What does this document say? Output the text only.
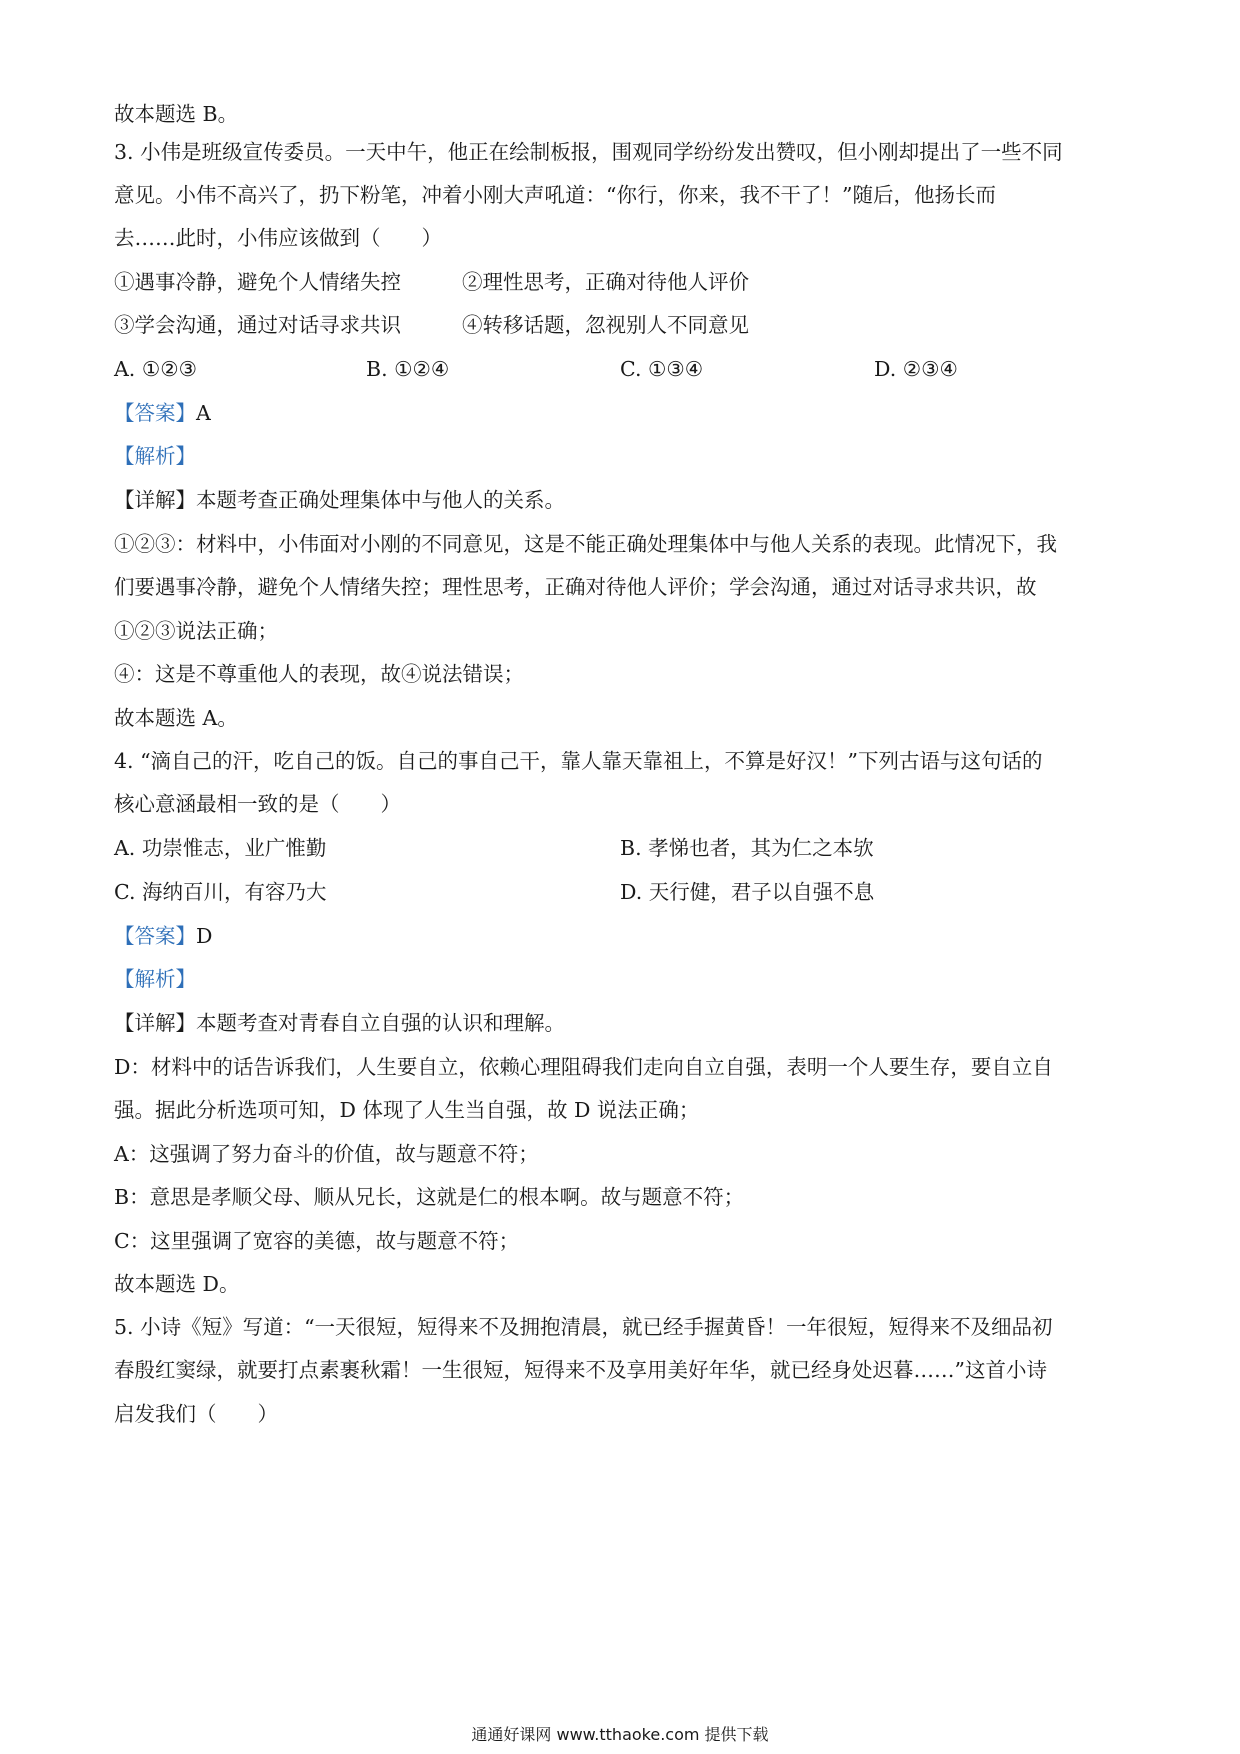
故本题选 B。
3. 小伟是班级宣传委员。一天中午，他正在绘制板报，围观同学纷纷发出赞叹，但小刚却提出了一些不同
意见。小伟不高兴了，扔下粉笔，冲着小刚大声吼道：“你行，你来，我不干了！”随后，他扬长而
去……此时，小伟应该做到（　　）
①遇事冷静，避免个人情绪失控	②理性思考，正确对待他人评价
③学会沟通，通过对话寻求共识	④转移话题，忽视别人不同意见
A. ①②③	B. ①②④	C. ①③④	D. ②③④
【答案】A
【解析】
【详解】本题考查正确处理集体中与他人的关系。
①②③：材料中，小伟面对小刚的不同意见，这是不能正确处理集体中与他人关系的表现。此情况下，我
们要遇事冷静，避免个人情绪失控；理性思考，正确对待他人评价；学会沟通，通过对话寻求共识，故
①②③说法正确；
④：这是不尊重他人的表现，故④说法错误；
故本题选 A。
4. “滴自己的汗，吃自己的饭。自己的事自己干，靠人靠天靠祖上，不算是好汉！”下列古语与这句话的
核心意涵最相一致的是（　　）
A. 功崇惟志，业广惟勤	B. 孝悌也者，其为仁之本欤
C. 海纳百川，有容乃大	D. 天行健，君子以自强不息
【答案】D
【解析】
【详解】本题考查对青春自立自强的认识和理解。
D：材料中的话告诉我们，人生要自立，依赖心理阻碍我们走向自立自强，表明一个人要生存，要自立自
强。据此分析选项可知，D 体现了人生当自强，故 D 说法正确；
A：这强调了努力奋斗的价值，故与题意不符；
B：意思是孝顺父母、顺从兄长，这就是仁的根本啊。故与题意不符；
C：这里强调了宽容的美德，故与题意不符；
故本题选 D。
5. 小诗《短》写道：“一天很短，短得来不及拥抱清晨，就已经手握黄昏！一年很短，短得来不及细品初
春殷红窦绿，就要打点素裹秋霜！一生很短，短得来不及享用美好年华，就已经身处迟暮……”这首小诗
启发我们（　　）
通通好课网 www.tthaoke.com 提供下载
